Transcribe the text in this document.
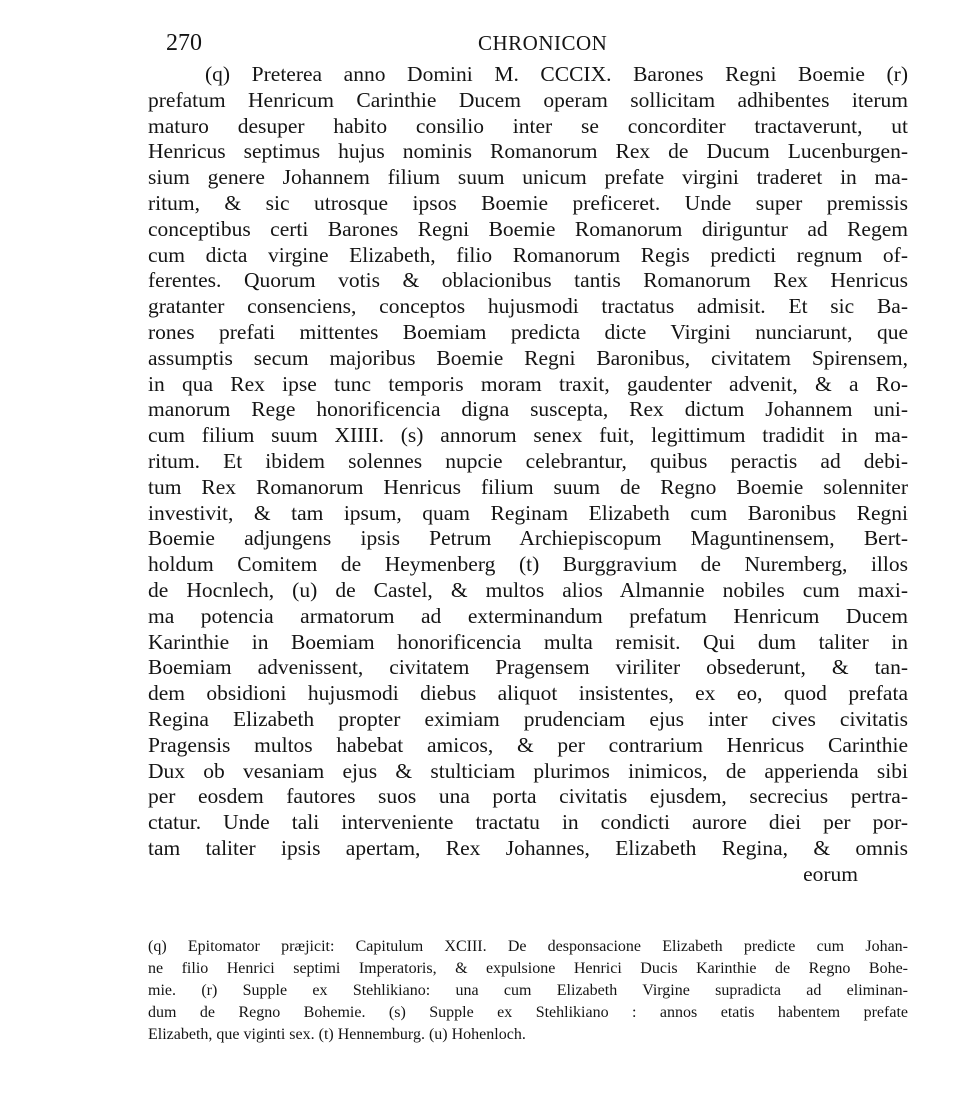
270	CHRONICON
(q) Preterea anno Domini M. CCCIX. Barones Regni Boemie (r)
prefatum Henricum Carinthie Ducem operam sollicitam adhibentes iterum
maturo desuper habito consilio inter se concorditer tractaverunt, ut
Henricus septimus hujus nominis Romanorum Rex de Ducum Lucenburgen-
sium genere Johannem filium suum unicum prefate virgini traderet in ma-
ritum, & sic utrosque ipsos Boemie preficeret. Unde super premissis
conceptibus certi Barones Regni Boemie Romanorum diriguntur ad Regem
cum dicta virgine Elizabeth, filio Romanorum Regis predicti regnum of-
ferentes. Quorum votis & oblacionibus tantis Romanorum Rex Henricus
gratanter consenciens, conceptos hujusmodi tractatus admisit. Et sic Ba-
rones prefati mittentes Boemiam predicta dicte Virgini nunciarunt, que
assumptis secum majoribus Boemie Regni Baronibus, civitatem Spirensem,
in qua Rex ipse tunc temporis moram traxit, gaudenter advenit, & a Ro-
manorum Rege honorificencia digna suscepta, Rex dictum Johannem uni-
cum filium suum XIIII. (s) annorum senex fuit, legittimum tradidit in ma-
ritum. Et ibidem solennes nupcie celebrantur, quibus peractis ad debi-
tum Rex Romanorum Henricus filium suum de Regno Boemie solenniter
investivit, & tam ipsum, quam Reginam Elizabeth cum Baronibus Regni
Boemie adjungens ipsis Petrum Archiepiscopum Maguntinensem, Bert-
holdum Comitem de Heymenberg (t) Burggravium de Nuremberg, illos
de Hocnlech, (u) de Castel, & multos alios Almannie nobiles cum maxi-
ma potencia armatorum ad exterminandum prefatum Henricum Ducem
Karinthie in Boemiam honorificencia multa remisit. Qui dum taliter in
Boemiam advenissent, civitatem Pragensem viriliter obsederunt, & tan-
dem obsidioni hujusmodi diebus aliquot insistentes, ex eo, quod prefata
Regina Elizabeth propter eximiam prudenciam ejus inter cives civitatis
Pragensis multos habebat amicos, & per contrarium Henricus Carinthie
Dux ob vesaniam ejus & stulticiam plurimos inimicos, de apperienda sibi
per eosdem fautores suos una porta civitatis ejusdem, secrecius pertra-
ctatur. Unde tali interveniente tractatu in condicti aurore diei per por-
tam taliter ipsis apertam, Rex Johannes, Elizabeth Regina, & omnis
eorum
(q) Epitomator præjicit: Capitulum XCIII. De desponsacione Elizabeth predicte cum Johan-
ne filio Henrici septimi Imperatoris, & expulsione Henrici Ducis Karinthie de Regno Bohe-
mie. (r) Supple ex Stehlikiano: una cum Elizabeth Virgine supradicta ad eliminan-
dum de Regno Bohemie. (s) Supple ex Stehlikiano : annos etatis habentem prefate
Elizabeth, que viginti sex. (t) Hennemburg. (u) Hohenloch.
